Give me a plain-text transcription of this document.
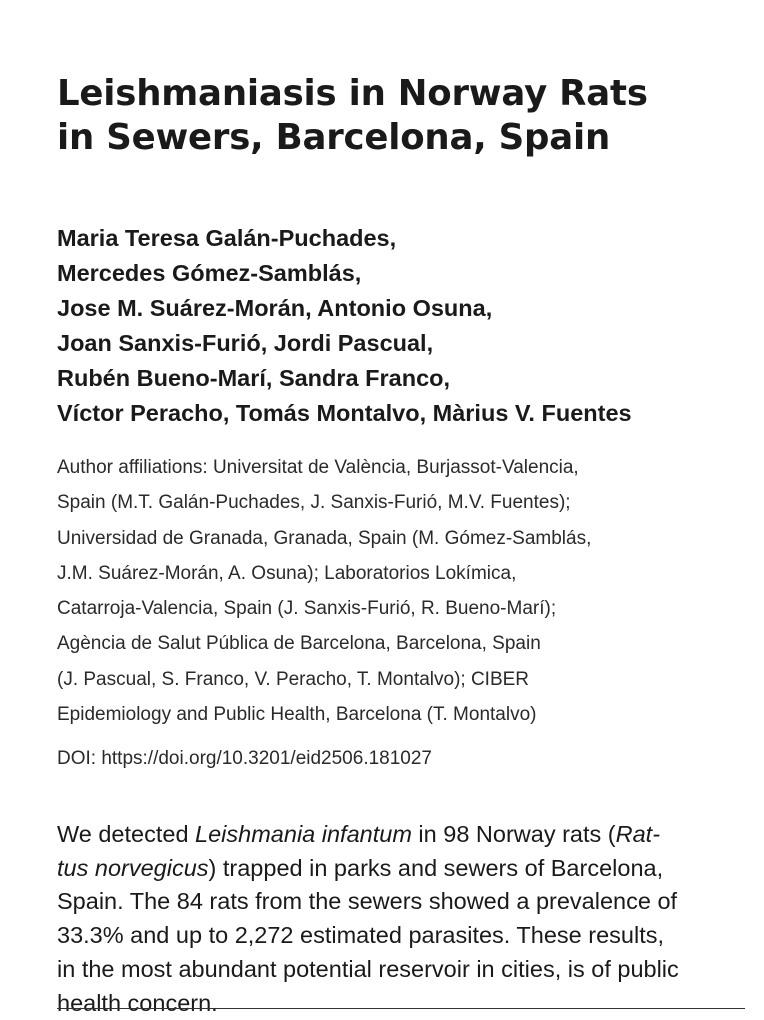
Leishmaniasis in Norway Rats
in Sewers, Barcelona, Spain
Maria Teresa Galán-Puchades,
Mercedes Gómez-Samblás,
Jose M. Suárez-Morán, Antonio Osuna,
Joan Sanxis-Furió, Jordi Pascual,
Rubén Bueno-Marí, Sandra Franco,
Víctor Peracho, Tomás Montalvo, Màrius V. Fuentes
Author affiliations: Universitat de València, Burjassot-Valencia,
Spain (M.T. Galán-Puchades, J. Sanxis-Furió, M.V. Fuentes);
Universidad de Granada, Granada, Spain (M. Gómez-Samblás,
J.M. Suárez-Morán, A. Osuna); Laboratorios Lokímica,
Catarroja-Valencia, Spain (J. Sanxis-Furió, R. Bueno-Marí);
Agència de Salut Pública de Barcelona, Barcelona, Spain
(J. Pascual, S. Franco, V. Peracho, T. Montalvo); CIBER
Epidemiology and Public Health, Barcelona (T. Montalvo)
DOI: https://doi.org/10.3201/eid2506.181027
We detected Leishmania infantum in 98 Norway rats (Rat-
tus norvegicus) trapped in parks and sewers of Barcelona,
Spain. The 84 rats from the sewers showed a prevalence of
33.3% and up to 2,272 estimated parasites. These results,
in the most abundant potential reservoir in cities, is of public
health concern.
